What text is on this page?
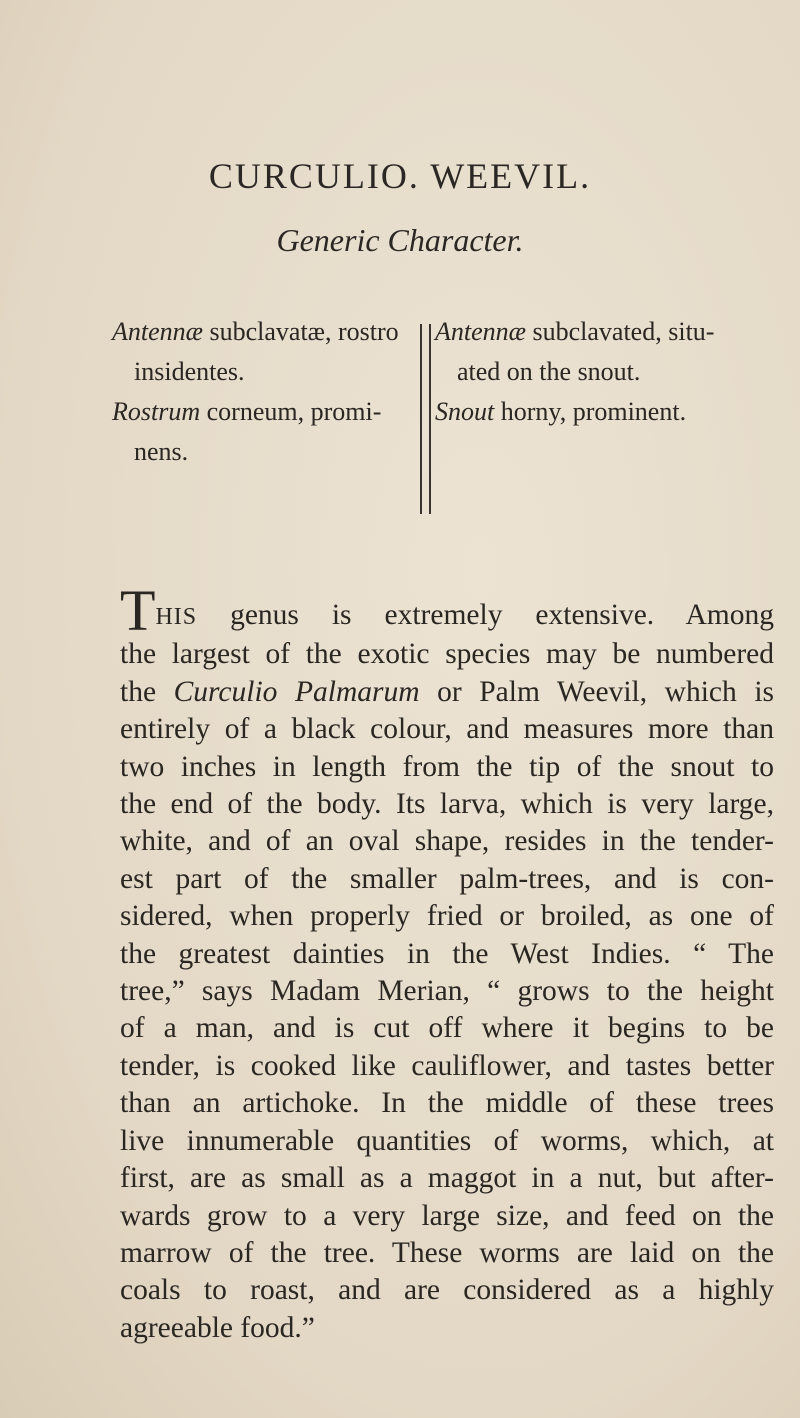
CURCULIO. WEEVIL.
Generic Character.

Antennæ subclavatæ, rostro

insidentes.

Rostrum corneum, promi-

nens.

Antennæ subclavated, situ-

ated on the snout.

Snout horny, prominent.

THIS genus is extremely extensive. Among
the largest of the exotic species may be numbered
the Curculio Palmarum or Palm Weevil, which is
entirely of a black colour, and measures more than
two inches in length from the tip of the snout to
the end of the body. Its larva, which is very large,
white, and of an oval shape, resides in the tender-
est part of the smaller palm-trees, and is con-
sidered, when properly fried or broiled, as one of
the greatest dainties in the West Indies. “ The
tree,” says Madam Merian, “ grows to the height
of a man, and is cut off where it begins to be
tender, is cooked like cauliflower, and tastes better
than an artichoke. In the middle of these trees
live innumerable quantities of worms, which, at
first, are as small as a maggot in a nut, but after-
wards grow to a very large size, and feed on the
marrow of the tree. These worms are laid on the
coals to roast, and are considered as a highly
agreeable food.”
